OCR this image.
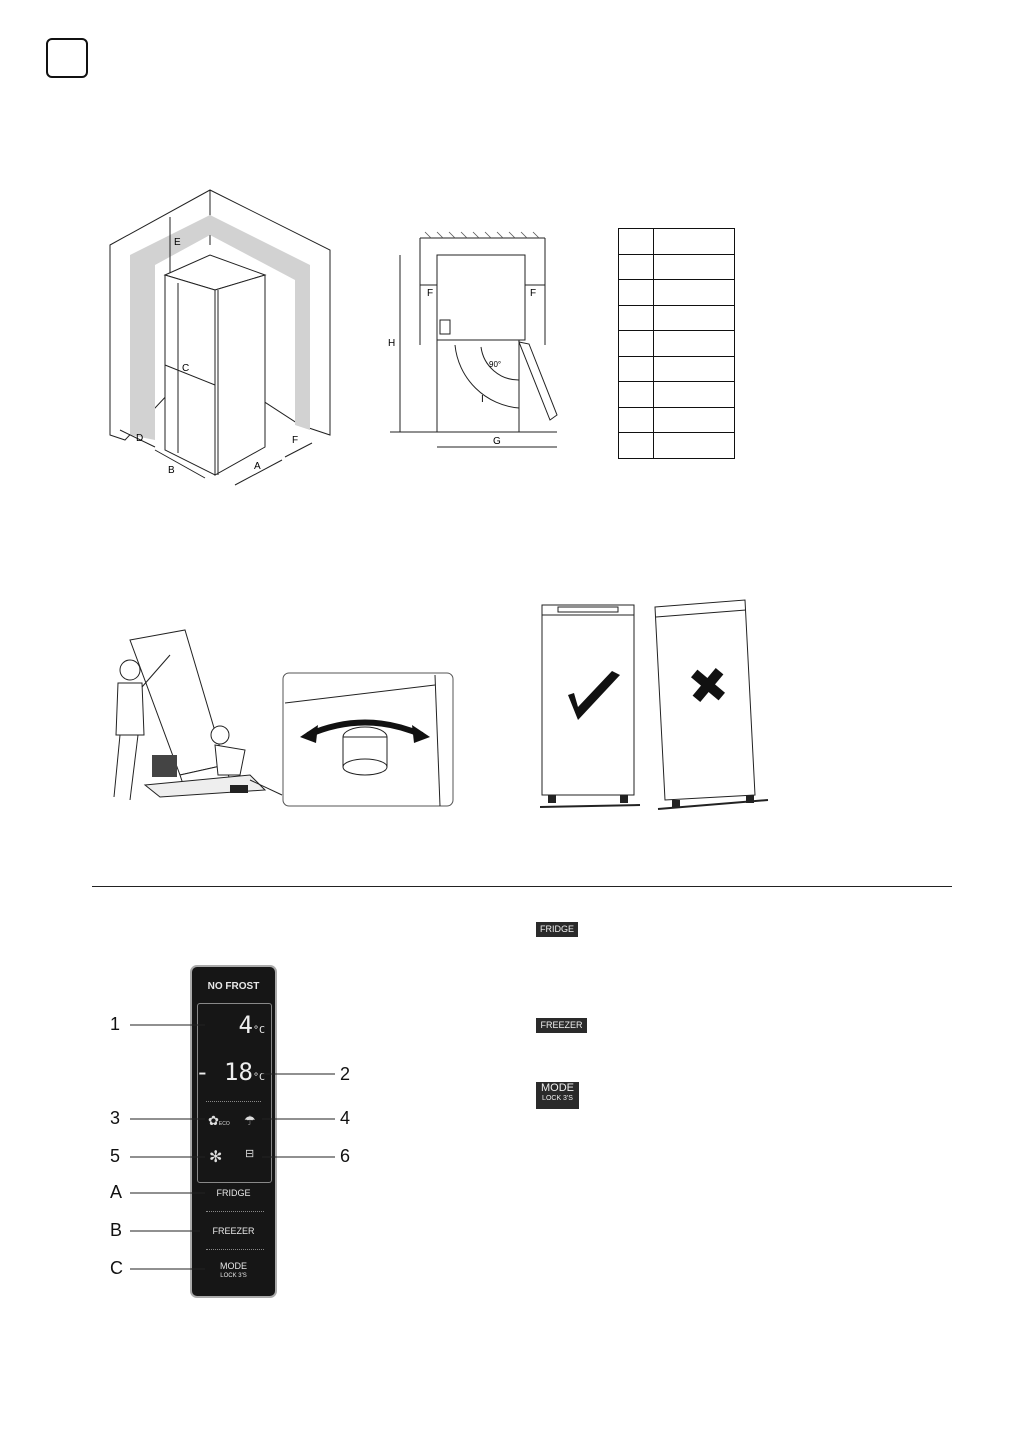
E
C
D
B	A
F
F	F
H
90°
I
G

NO FROST
4°C
- 18°C
✿ECO ☂
✻ ⊟
FRIDGE
FREEZER
MODE
LOCK 3'S
1
3
5
A
B
C
2
4
6
FRIDGE
FREEZER
MODE
LOCK 3'S
